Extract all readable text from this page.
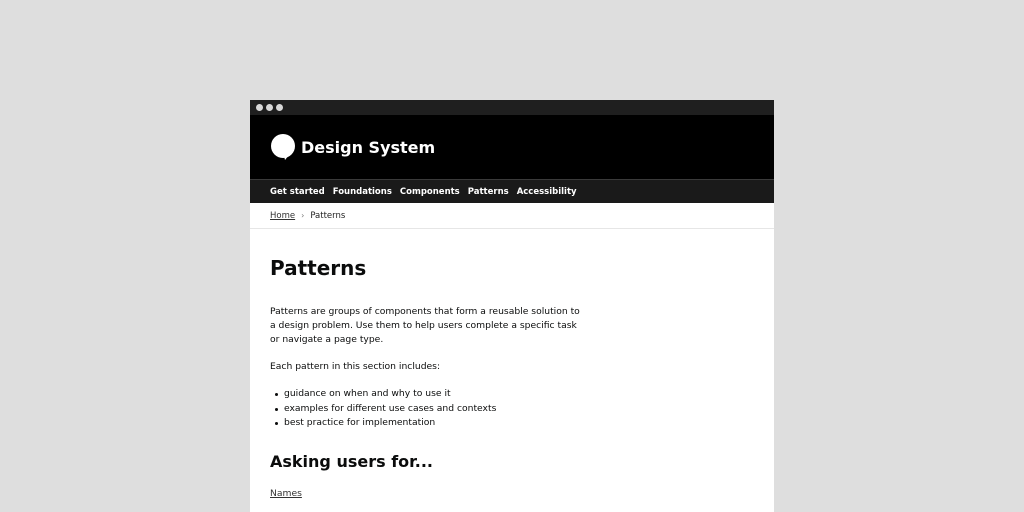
Design System
Get started Foundations Components Patterns Accessibility
Home › Patterns
Patterns

Patterns are groups of components that form a reusable solution to a design problem. Use them to help users complete a specific task or navigate a page type.

Each pattern in this section includes:

guidance on when and why to use it
examples for different use cases and contexts
best practice for implementation
Asking users for...
Names
